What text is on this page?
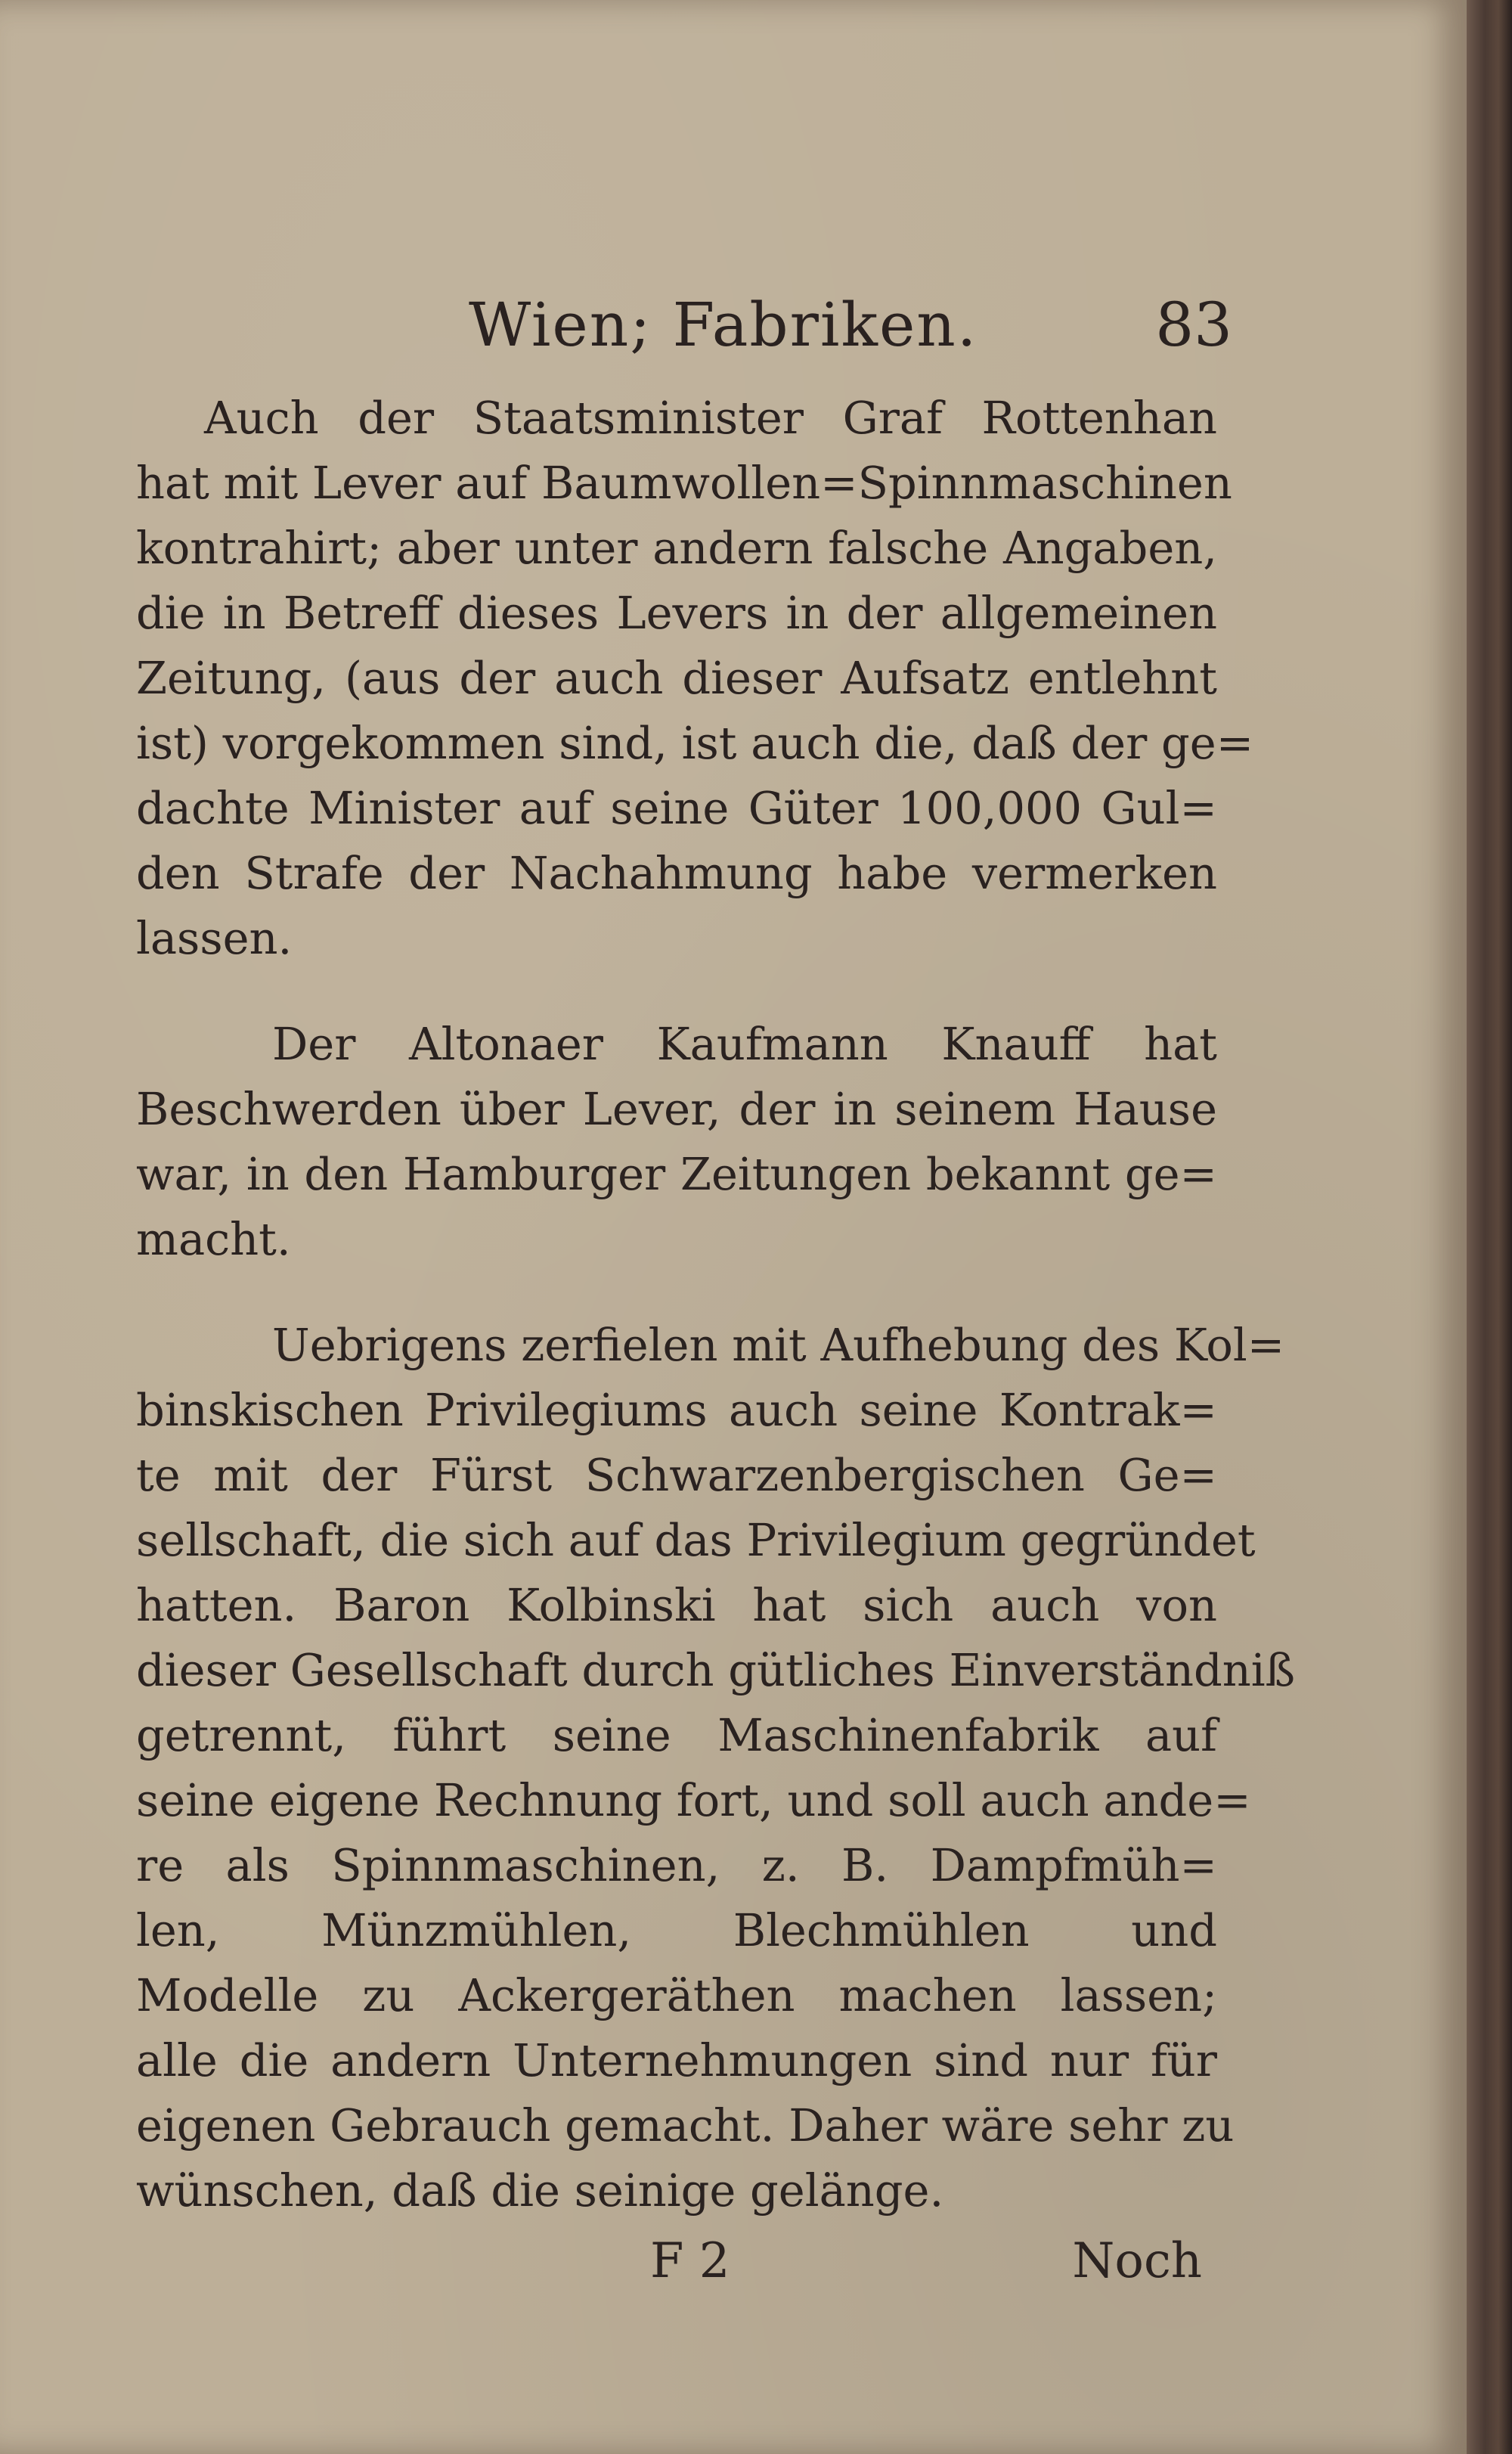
Wien; Fabriken.	83
Auch der Staatsminister Graf Rottenhan
hat mit Lever auf Baumwollen=Spinnmaschinen
kontrahirt; aber unter andern falsche Angaben,
die in Betreff dieses Levers in der allgemeinen
Zeitung, (aus der auch dieser Aufsatz entlehnt
ist) vorgekommen sind, ist auch die, daß der ge=
dachte Minister auf seine Güter 100,000 Gul=
den Strafe der Nachahmung habe vermerken
lassen.
Der Altonaer Kaufmann Knauff hat
Beschwerden über Lever, der in seinem Hause
war, in den Hamburger Zeitungen bekannt ge=
macht.
Uebrigens zerfielen mit Aufhebung des Kol=
binskischen Privilegiums auch seine Kontrak=
te mit der Fürst Schwarzenbergischen Ge=
sellschaft, die sich auf das Privilegium gegründet
hatten. Baron Kolbinski hat sich auch von
dieser Gesellschaft durch gütliches Einverständniß
getrennt, führt seine Maschinenfabrik auf
seine eigene Rechnung fort, und soll auch ande=
re als Spinnmaschinen, z. B. Dampfmüh=
len, Münzmühlen, Blechmühlen und
Modelle zu Ackergeräthen machen lassen;
alle die andern Unternehmungen sind nur für
eigenen Gebrauch gemacht. Daher wäre sehr zu
wünschen, daß die seinige gelänge.
F 2	Noch
